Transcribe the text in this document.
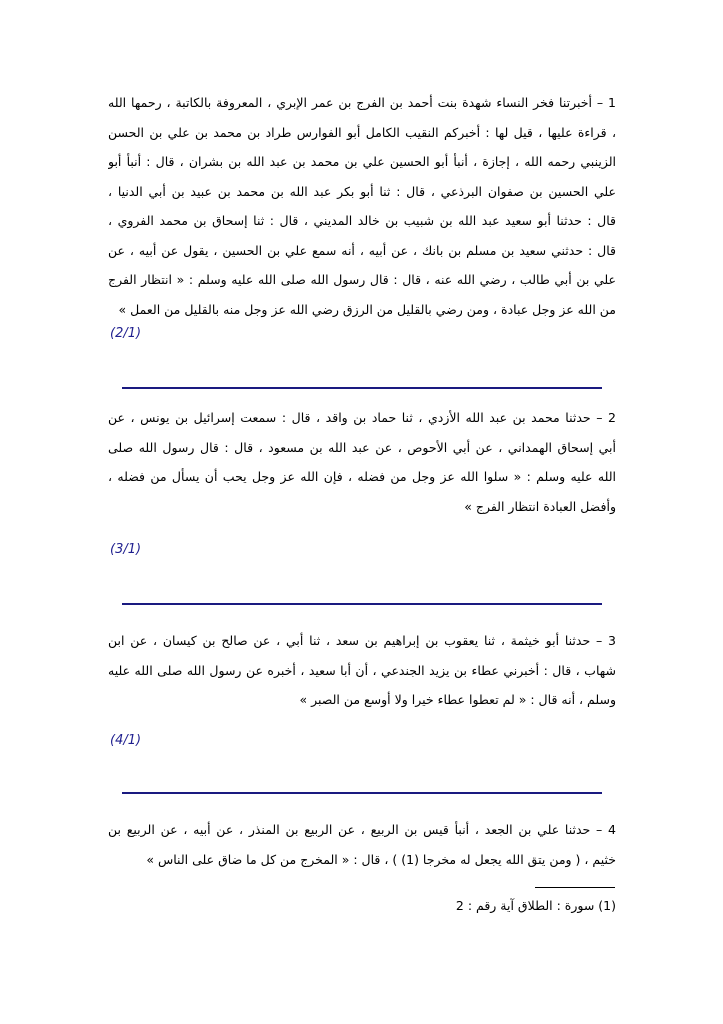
1 – أخبرتنا فخر النساء شهدة بنت أحمد بن الفرج بن عمر الإبري ، المعروفة بالكاتبة ، رحمها الله
، قراءة عليها ، قيل لها : أخبركم النقيب الكامل أبو الفوارس طراد بن محمد بن علي بن الحسن
الزينبي رحمه الله ، إجازة ، أنبأ أبو الحسين علي بن محمد بن عبد الله بن بشران ، قال : أنبأ أبو
علي الحسين بن صفوان البرذعي ، قال : ثنا أبو بكر عبد الله بن محمد بن عبيد بن أبي الدنيا ،
قال : حدثنا أبو سعيد عبد الله بن شبيب بن خالد المديني ، قال : ثنا إسحاق بن محمد الفروي ،
قال : حدثني سعيد بن مسلم بن بانك ، عن أبيه ، أنه سمع علي بن الحسين ، يقول عن أبيه ، عن
علي بن أبي طالب ، رضي الله عنه ، قال : قال رسول الله صلى الله عليه وسلم : « انتظار الفرج
من الله عز وجل عبادة ، ومن رضي بالقليل من الرزق رضي الله عز وجل منه بالقليل من العمل »
(2/1)
2 – حدثنا محمد بن عبد الله الأزدي ، ثنا حماد بن واقد ، قال : سمعت إسرائيل بن يونس ، عن
أبي إسحاق الهمداني ، عن أبي الأحوص ، عن عبد الله بن مسعود ، قال : قال رسول الله صلى
الله عليه وسلم : « سلوا الله عز وجل من فضله ، فإن الله عز وجل يحب أن يسأل من فضله ،
وأفضل العبادة انتظار الفرج »
(3/1)
3 – حدثنا أبو خيثمة ، ثنا يعقوب بن إبراهيم بن سعد ، ثنا أبي ، عن صالح بن كيسان ، عن ابن
شهاب ، قال : أخبرني عطاء بن يزيد الجندعي ، أن أبا سعيد ، أخبره عن رسول الله صلى الله عليه
وسلم ، أنه قال : « لم تعطوا عطاء خيرا ولا أوسع من الصبر »
(4/1)
4 – حدثنا علي بن الجعد ، أنبأ قيس بن الربيع ، عن الربيع بن المنذر ، عن أبيه ، عن الربيع بن
خثيم ، ( ومن يتق الله يجعل له مخرجا (1) ) ، قال : « المخرج من كل ما ضاق على الناس »
(1) سورة : الطلاق آية رقم : 2
